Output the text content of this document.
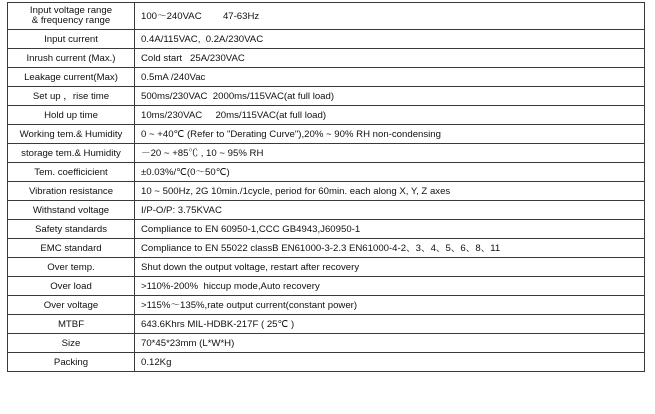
Input voltage range
& frequency range	100～240VAC        47-63Hz
Input current	0.4A/115VAC,  0.2A/230VAC
Inrush current (Max.)	Cold start   25A/230VAC
Leakage current(Max)	0.5mA /240Vac
Set up ，rise time	500ms/230VAC  2000ms/115VAC(at full load)
Hold up time	10ms/230VAC     20ms/115VAC(at full load)
Working tem.& Humidity	0 ~ +40℃ (Refer to "Derating Curve"),20% ~ 90% RH non-condensing
storage tem.& Humidity	－20 ~ +85℃ , 10 ~ 95% RH
Tem. coefficicient	±0.03%/℃(0～50℃)
Vibration resistance	10 ~ 500Hz, 2G 10min./1cycle, period for 60min. each along X, Y, Z axes
Withstand voltage	I/P-O/P: 3.75KVAC
Safety standards	Compliance to EN 60950-1,CCC GB4943,J60950-1
EMC standard	Compliance to EN 55022 classB EN61000-3-2.3 EN61000-4-2、3、4、5、6、8、11
Over temp.	Shut down the output voltage, restart after recovery
Over load	>110%-200%  hiccup mode,Auto recovery
Over voltage	>115%～135%,rate output current(constant power)
MTBF	643.6Khrs MIL-HDBK-217F ( 25℃ )
Size	70*45*23mm (L*W*H)
Packing	0.12Kg
